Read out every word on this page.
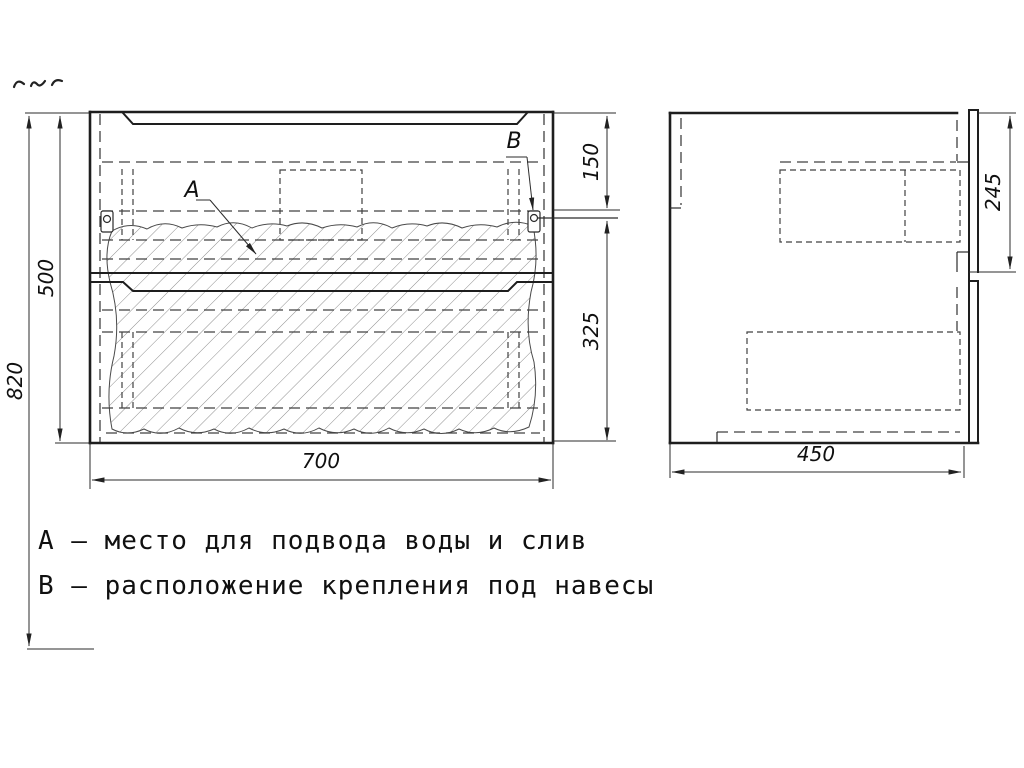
500
820
700
150
325
245
450
А
В
А – место для подвода воды и слив
В – расположение крепления под навесы
